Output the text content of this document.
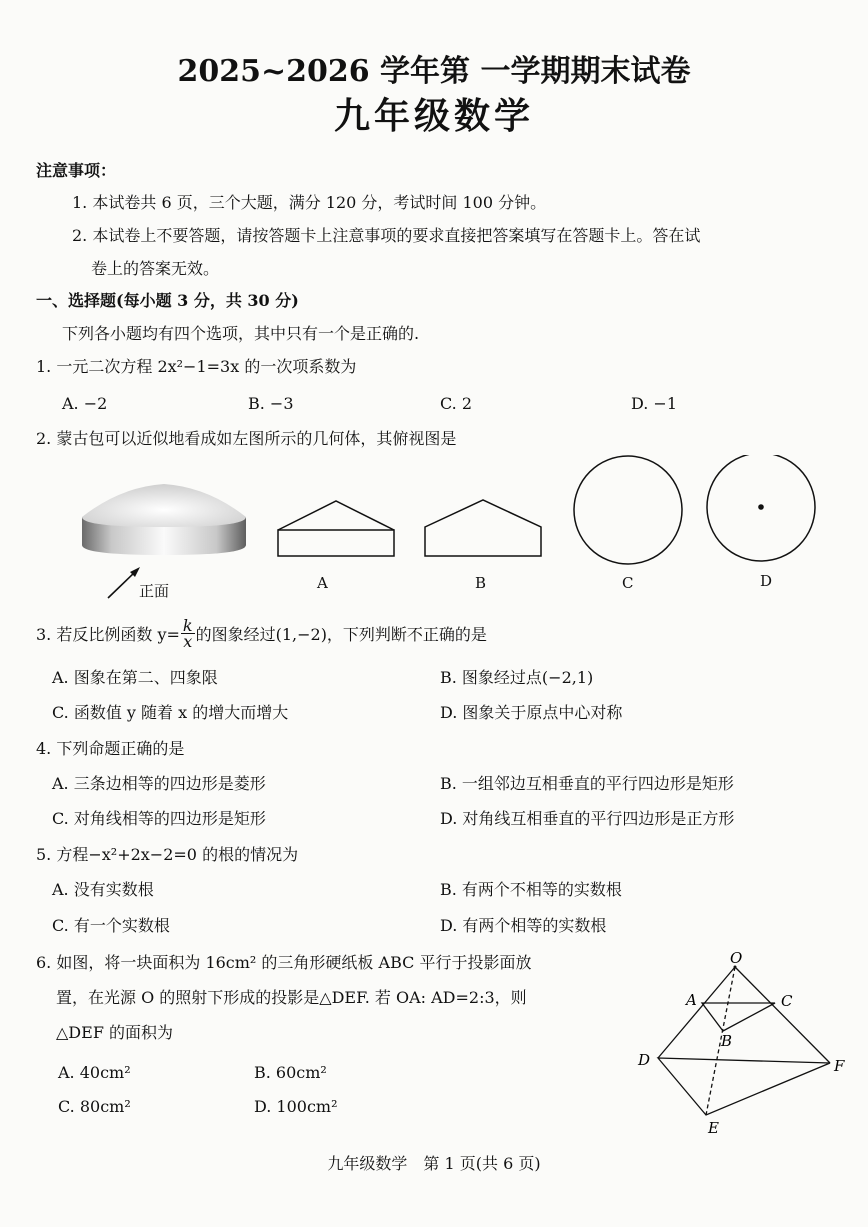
2025~2026 学年第 一学期期末试卷
九年级数学
注意事项：
1. 本试卷共 6 页，三个大题，满分 120 分，考试时间 100 分钟。
2. 本试卷上不要答题，请按答题卡上注意事项的要求直接把答案填写在答题卡上。答在试
卷上的答案无效。
一、选择题(每小题 3 分，共 30 分)
下列各小题均有四个选项，其中只有一个是正确的.
1. 一元二次方程 2x²−1=3x 的一次项系数为
A. −2	B. −3	C. 2	D. −1
2. 蒙古包可以近似地看成如左图所示的几何体，其俯视图是
正面	A	B	C	D
3. 若反比例函数 $y= \frac{k}{x}$ 的图象经过(1,−2)，下列判断不正确的是
A. 图象在第二、四象限	B. 图象经过点(−2,1)
C. 函数值 y 随着 x 的增大而增大	D. 图象关于原点中心对称
4. 下列命题正确的是
A. 三条边相等的四边形是菱形	B. 一组邻边互相垂直的平行四边形是矩形
C. 对角线相等的四边形是矩形	D. 对角线互相垂直的平行四边形是正方形
5. 方程−x²+2x−2=0 的根的情况为
A. 没有实数根	B. 有两个不相等的实数根
C. 有一个实数根	D. 有两个相等的实数根
6. 如图，将一块面积为 16cm² 的三角形硬纸板 ABC 平行于投影面放
置，在光源 O 的照射下形成的投影是△DEF. 若 OA: AD=2:3，则
△DEF 的面积为
A. 40cm²	B. 60cm²
C. 80cm²	D. 100cm²
O
A	C
B
D	F
E
九年级数学　第 1 页(共 6 页)
